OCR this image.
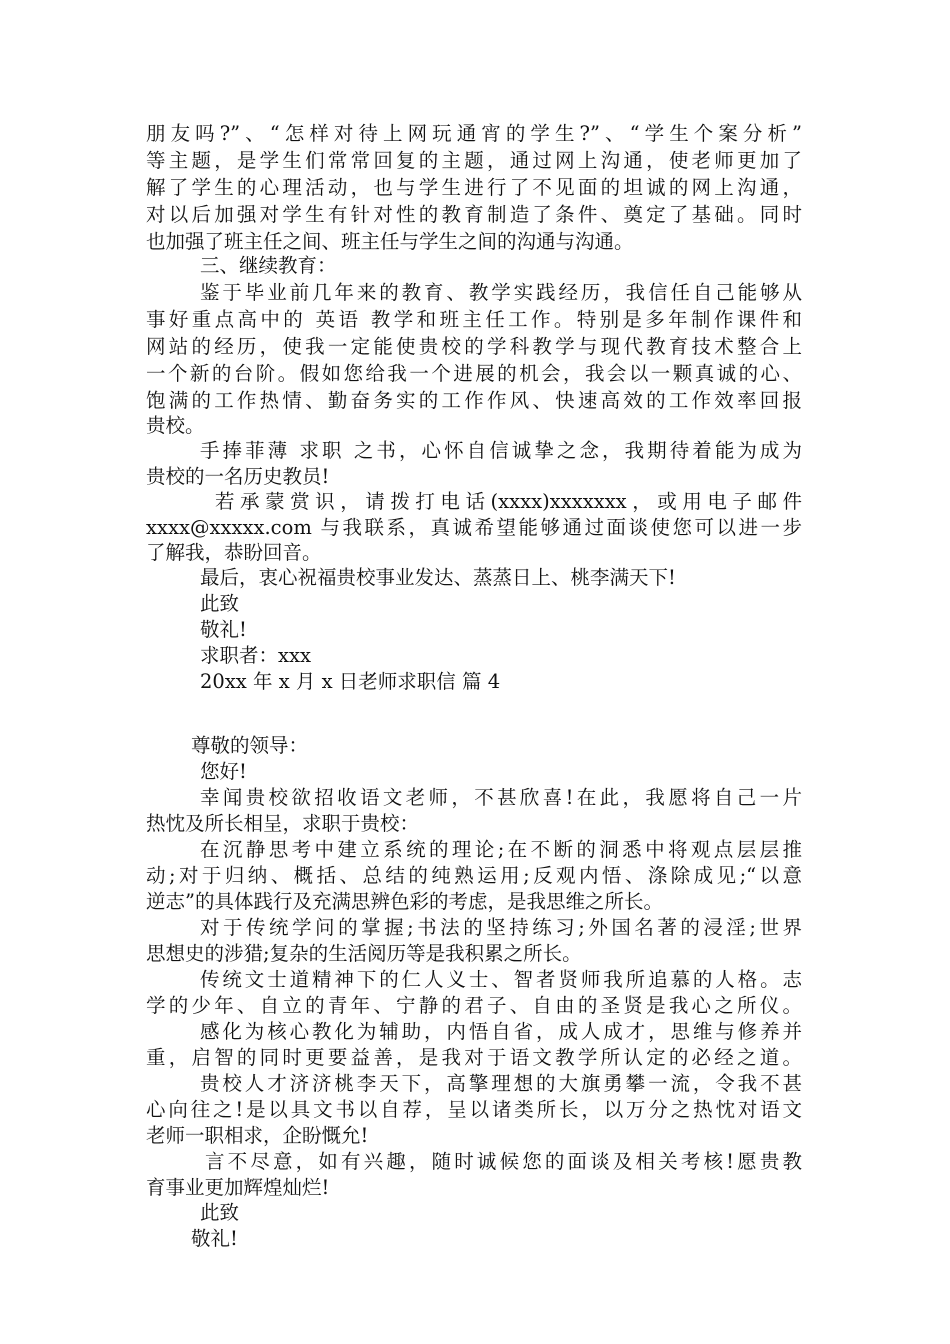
朋友吗?”、“怎样对待上网玩通宵的学生?”、“学生个案分析”
等主题，是学生们常常回复的主题，通过网上沟通，使老师更加了
解了学生的心理活动，也与学生进行了不见面的坦诚的网上沟通，
对以后加强对学生有针对性的教育制造了条件、奠定了基础。同时
也加强了班主任之间、班主任与学生之间的沟通与沟通。
三、继续教育：
鉴于毕业前几年来的教育、教学实践经历，我信任自己能够从
事好重点高中的 英语 教学和班主任工作。特别是多年制作课件和
网站的经历，使我一定能使贵校的学科教学与现代教育技术整合上
一个新的台阶。假如您给我一个进展的机会，我会以一颗真诚的心、
饱满的工作热情、勤奋务实的工作作风、快速高效的工作效率回报
贵校。
手捧菲薄 求职 之书，心怀自信诚挚之念，我期待着能为成为
贵校的一名历史教员!
若承蒙赏识，请拨打电话(xxxx)xxxxxxx，或用电子邮件
xxxx@xxxxx.com 与我联系，真诚希望能够通过面谈使您可以进一步
了解我，恭盼回音。
最后，衷心祝福贵校事业发达、蒸蒸日上、桃李满天下!
此致
敬礼!
求职者：xxx
20xx 年 x 月 x 日老师求职信 篇 4
尊敬的领导：
您好!
幸闻贵校欲招收语文老师，不甚欣喜!在此，我愿将自己一片
热忱及所长相呈，求职于贵校：
在沉静思考中建立系统的理论;在不断的洞悉中将观点层层推
动;对于归纳、概括、总结的纯熟运用;反观内悟、涤除成见;“以意
逆志”的具体践行及充满思辨色彩的考虑，是我思维之所长。
对于传统学问的掌握;书法的坚持练习;外国名著的浸淫;世界
思想史的涉猎;复杂的生活阅历等是我积累之所长。
传统文士道精神下的仁人义士、智者贤师我所追慕的人格。志
学的少年、自立的青年、宁静的君子、自由的圣贤是我心之所仪。
感化为核心教化为辅助，内悟自省，成人成才，思维与修养并
重，启智的同时更要益善，是我对于语文教学所认定的必经之道。
贵校人才济济桃李天下，高擎理想的大旗勇攀一流，令我不甚
心向往之!是以具文书以自荐，呈以诸类所长，以万分之热忱对语文
老师一职相求，企盼慨允!
言不尽意，如有兴趣，随时诚候您的面谈及相关考核!愿贵教
育事业更加辉煌灿烂!
此致
敬礼!
